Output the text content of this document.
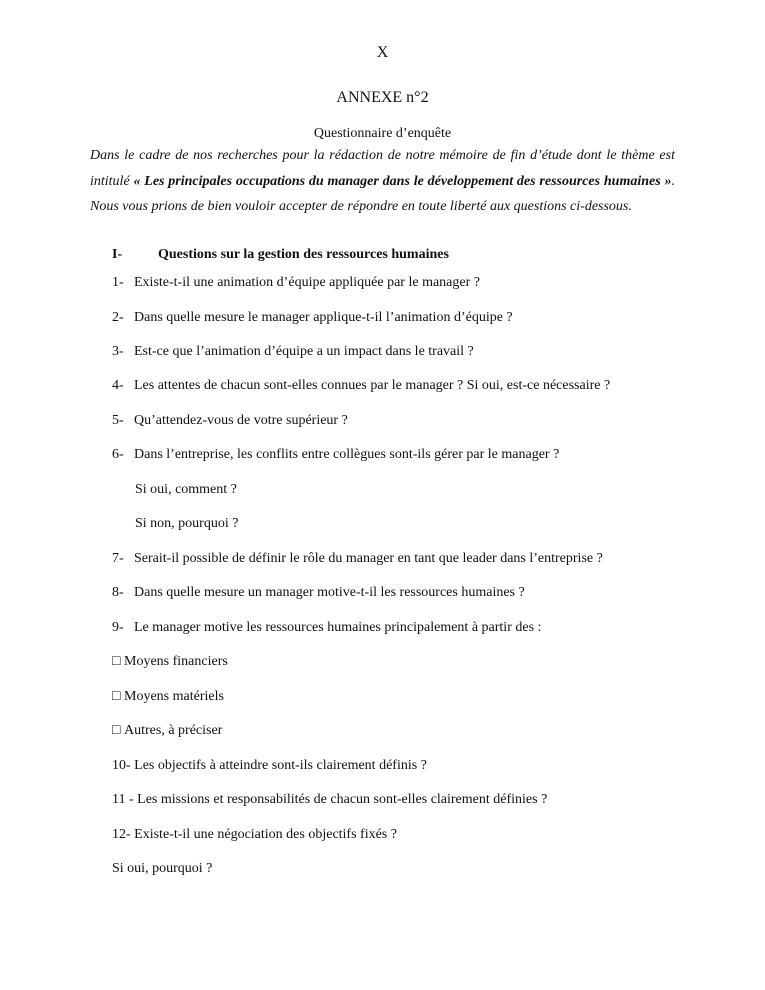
X
ANNEXE n°2
Questionnaire d’enquête
Dans le cadre de nos recherches pour la rédaction de notre mémoire de fin d’étude dont le thème est intitulé « Les principales occupations du manager dans le développement des ressources humaines ». Nous vous prions de bien vouloir accepter de répondre en toute liberté aux questions ci-dessous.
I-	Questions sur la gestion des ressources humaines
1- Existe-t-il une animation d’équipe appliquée par le manager ?
2- Dans quelle mesure le manager applique-t-il l’animation d’équipe ?
3- Est-ce que l’animation d’équipe a un impact dans le travail ?
4- Les attentes de chacun sont-elles connues par le manager ? Si oui, est-ce nécessaire ?
5- Qu’attendez-vous de votre supérieur ?
6- Dans l’entreprise, les conflits entre collègues sont-ils gérer par le manager ?
Si oui, comment ?
Si non, pourquoi ?
7- Serait-il possible de définir le rôle du manager en tant que leader dans l’entreprise ?
8- Dans quelle mesure un manager motive-t-il les ressources humaines ?
9- Le manager motive les ressources humaines principalement à partir des :
□ Moyens financiers
□ Moyens matériels
□ Autres, à préciser
10- Les objectifs à atteindre sont-ils clairement définis ?
11 - Les missions et responsabilités de chacun sont-elles clairement définies ?
12- Existe-t-il une négociation des objectifs fixés ?
Si oui, pourquoi ?
